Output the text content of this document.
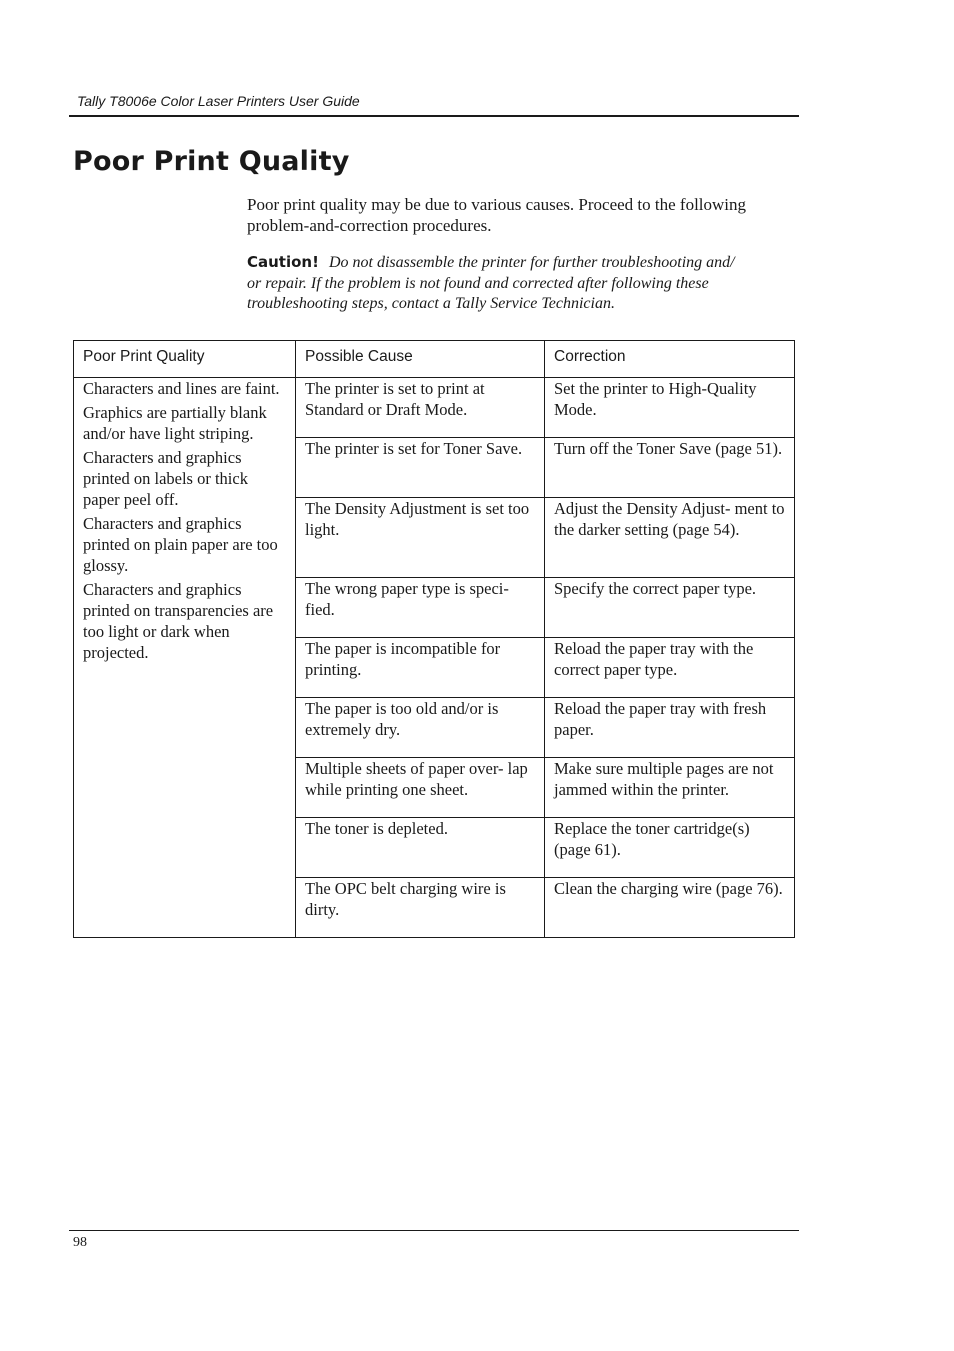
Tally T8006e Color Laser Printers User Guide
Poor Print Quality

Poor print quality may be due to various causes. Proceed to the following problem-and-correction procedures.

Caution! Do not disassemble the printer for further troubleshooting and/ or repair. If the problem is not found and corrected after following these troubleshooting steps, contact a Tally Service Technician.

Poor Print Quality	Possible Cause	Correction

Characters and lines are faint.

Graphics are partially blank and/or have light striping.

Characters and graphics printed on labels or thick paper peel off.

Characters and graphics printed on plain paper are too glossy.

Characters and graphics printed on transparencies are too light or dark when projected.	The printer is set to print at Standard or Draft Mode.	Set the printer to High-Quality Mode.
	The printer is set for Toner Save.	Turn off the Toner Save (page 51).
	The Density Adjustment is set too light.	Adjust the Density Adjust- ment to the darker setting (page 54).
	The wrong paper type is speci- fied.	Specify the correct paper type.
	The paper is incompatible for printing.	Reload the paper tray with the correct paper type.
	The paper is too old and/or is extremely dry.	Reload the paper tray with fresh paper.
	Multiple sheets of paper over- lap while printing one sheet.	Make sure multiple pages are not jammed within the printer.
	The toner is depleted.	Replace the toner cartridge(s) (page 61).
	The OPC belt charging wire is dirty.	Clean the charging wire (page 76).
98
